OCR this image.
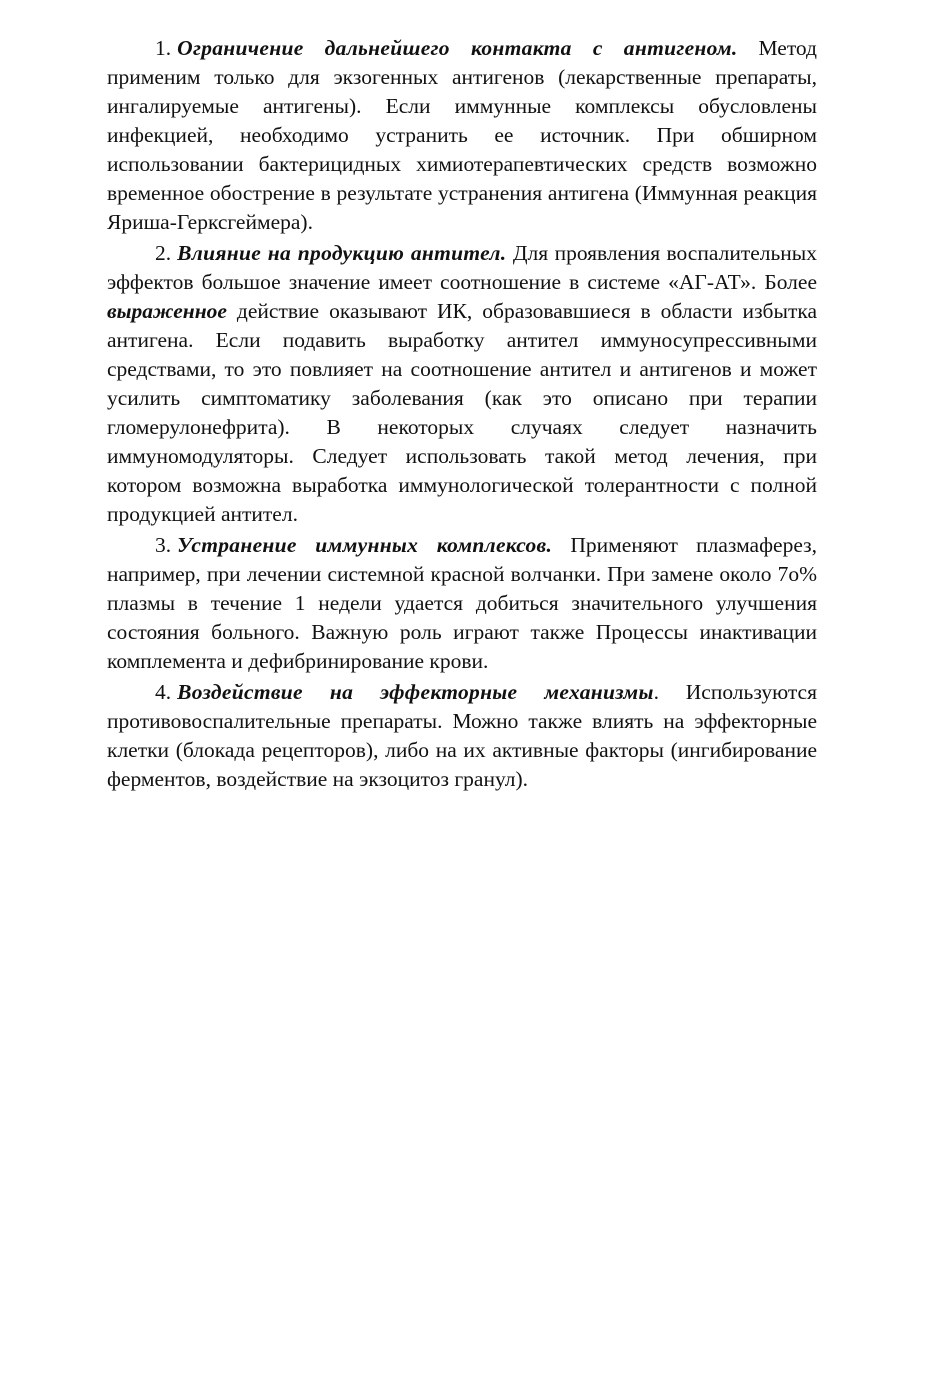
1. Ограничение дальнейшего контакта с антигеном. Метод применим только для экзогенных антигенов (лекарственные препараты, ингалируемые антигены). Если иммунные комплексы обусловлены инфекцией, необходимо устранить ее источник. При обширном использовании бактерицидных химиотерапевтических средств возможно временное обострение в результате устранения антигена (Иммунная реакция Яриша-Герксгеймера).

2. Влияние на продукцию антител. Для проявления воспалительных эффектов большое значение имеет соотношение в системе «АГ-АТ». Более выраженное действие оказывают ИК, образовавшиеся в области избытка антигена. Если подавить выработку антител иммуносупрессивными средствами, то это повлияет на соотношение антител и антигенов и может усилить симптоматику заболевания (как это описано при терапии гломерулонефрита). В некоторых случаях следует назначить иммуномодуляторы. Следует использовать такой метод лечения, при котором возможна выработка иммунологической толерантности с полной продукцией антител.

3. Устранение иммунных комплексов. Применяют плазмаферез, например, при лечении системной красной волчанки. При замене около 7о% плазмы в течение 1 недели удается добиться значительного улучшения состояния больного. Важную роль играют также Процессы инактивации комплемента и дефибринирование крови.

4. Воздействие на эффекторные механизмы. Используются противовоспалительные препараты. Можно также влиять на эффекторные клетки (блокада рецепторов), либо на их активные факторы (ингибирование ферментов, воздействие на экзоцитоз гранул).
